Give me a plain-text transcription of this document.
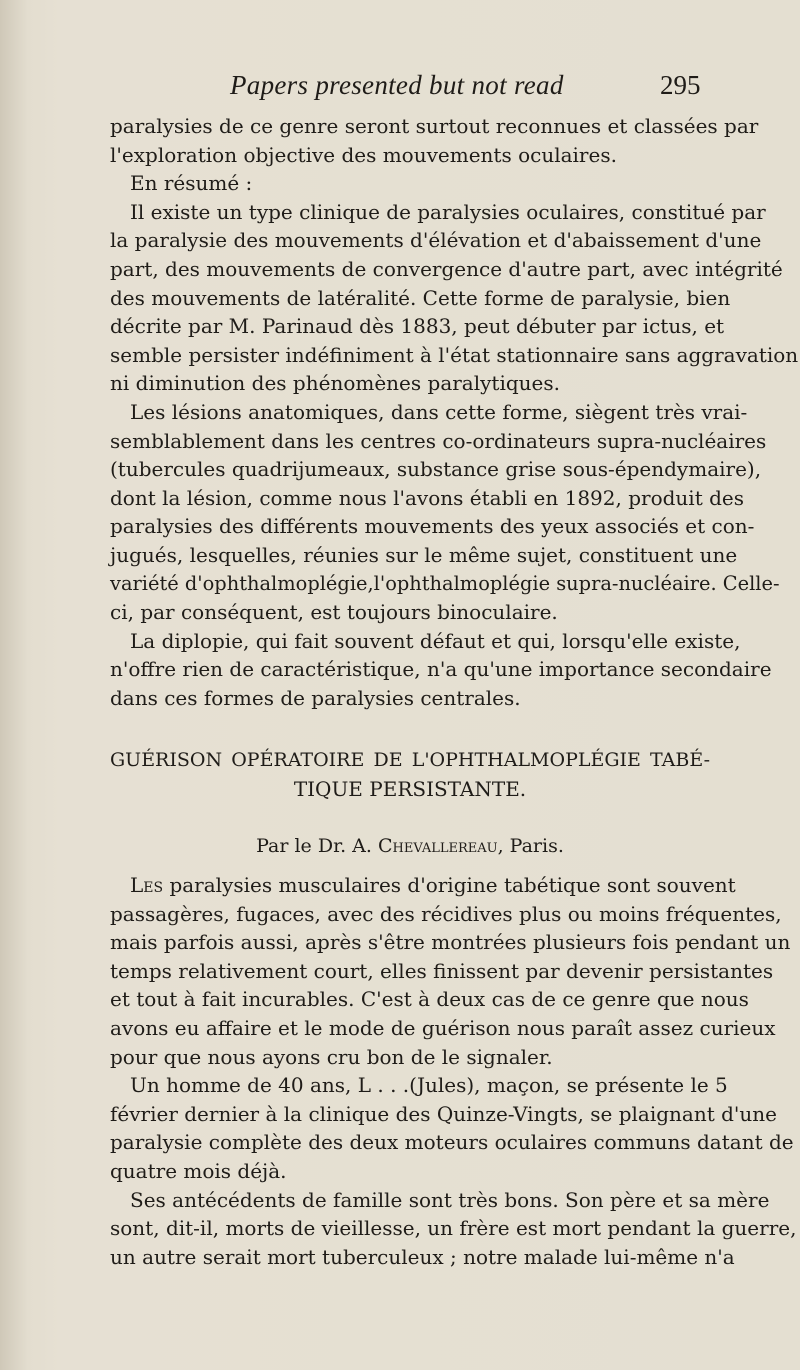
Papers presented but not read	295
paralysies de ce genre seront surtout reconnues et classées par
l'exploration objective des mouvements oculaires.
En résumé :
Il existe un type clinique de paralysies oculaires, constitué par
la paralysie des mouvements d'élévation et d'abaissement d'une
part, des mouvements de convergence d'autre part, avec intégrité
des mouvements de latéralité. Cette forme de paralysie, bien
décrite par M. Parinaud dès 1883, peut débuter par ictus, et
semble persister indéfiniment à l'état stationnaire sans aggravation
ni diminution des phénomènes paralytiques.
Les lésions anatomiques, dans cette forme, siègent très vrai-
semblablement dans les centres co-ordinateurs supra-nucléaires
(tubercules quadrijumeaux, substance grise sous-épendymaire),
dont la lésion, comme nous l'avons établi en 1892, produit des
paralysies des différents mouvements des yeux associés et con-
jugués, lesquelles, réunies sur le même sujet, constituent une
variété d'ophthalmoplégie,l'ophthalmoplégie supra-nucléaire. Celle-
ci, par conséquent, est toujours binoculaire.
La diplopie, qui fait souvent défaut et qui, lorsqu'elle existe,
n'offre rien de caractéristique, n'a qu'une importance secondaire
dans ces formes de paralysies centrales.
GUÉRISON OPÉRATOIRE DE L'OPHTHALMOPLÉGIE TABÉ-
TIQUE PERSISTANTE.
Par le Dr. A. Chevallereau, Paris.
Les paralysies musculaires d'origine tabétique sont souvent
passagères, fugaces, avec des récidives plus ou moins fréquentes,
mais parfois aussi, après s'être montrées plusieurs fois pendant un
temps relativement court, elles finissent par devenir persistantes
et tout à fait incurables. C'est à deux cas de ce genre que nous
avons eu affaire et le mode de guérison nous paraît assez curieux
pour que nous ayons cru bon de le signaler.
Un homme de 40 ans, L . . .(Jules), maçon, se présente le 5
février dernier à la clinique des Quinze-Vingts, se plaignant d'une
paralysie complète des deux moteurs oculaires communs datant de
quatre mois déjà.
Ses antécédents de famille sont très bons. Son père et sa mère
sont, dit-il, morts de vieillesse, un frère est mort pendant la guerre,
un autre serait mort tuberculeux ; notre malade lui-même n'a
